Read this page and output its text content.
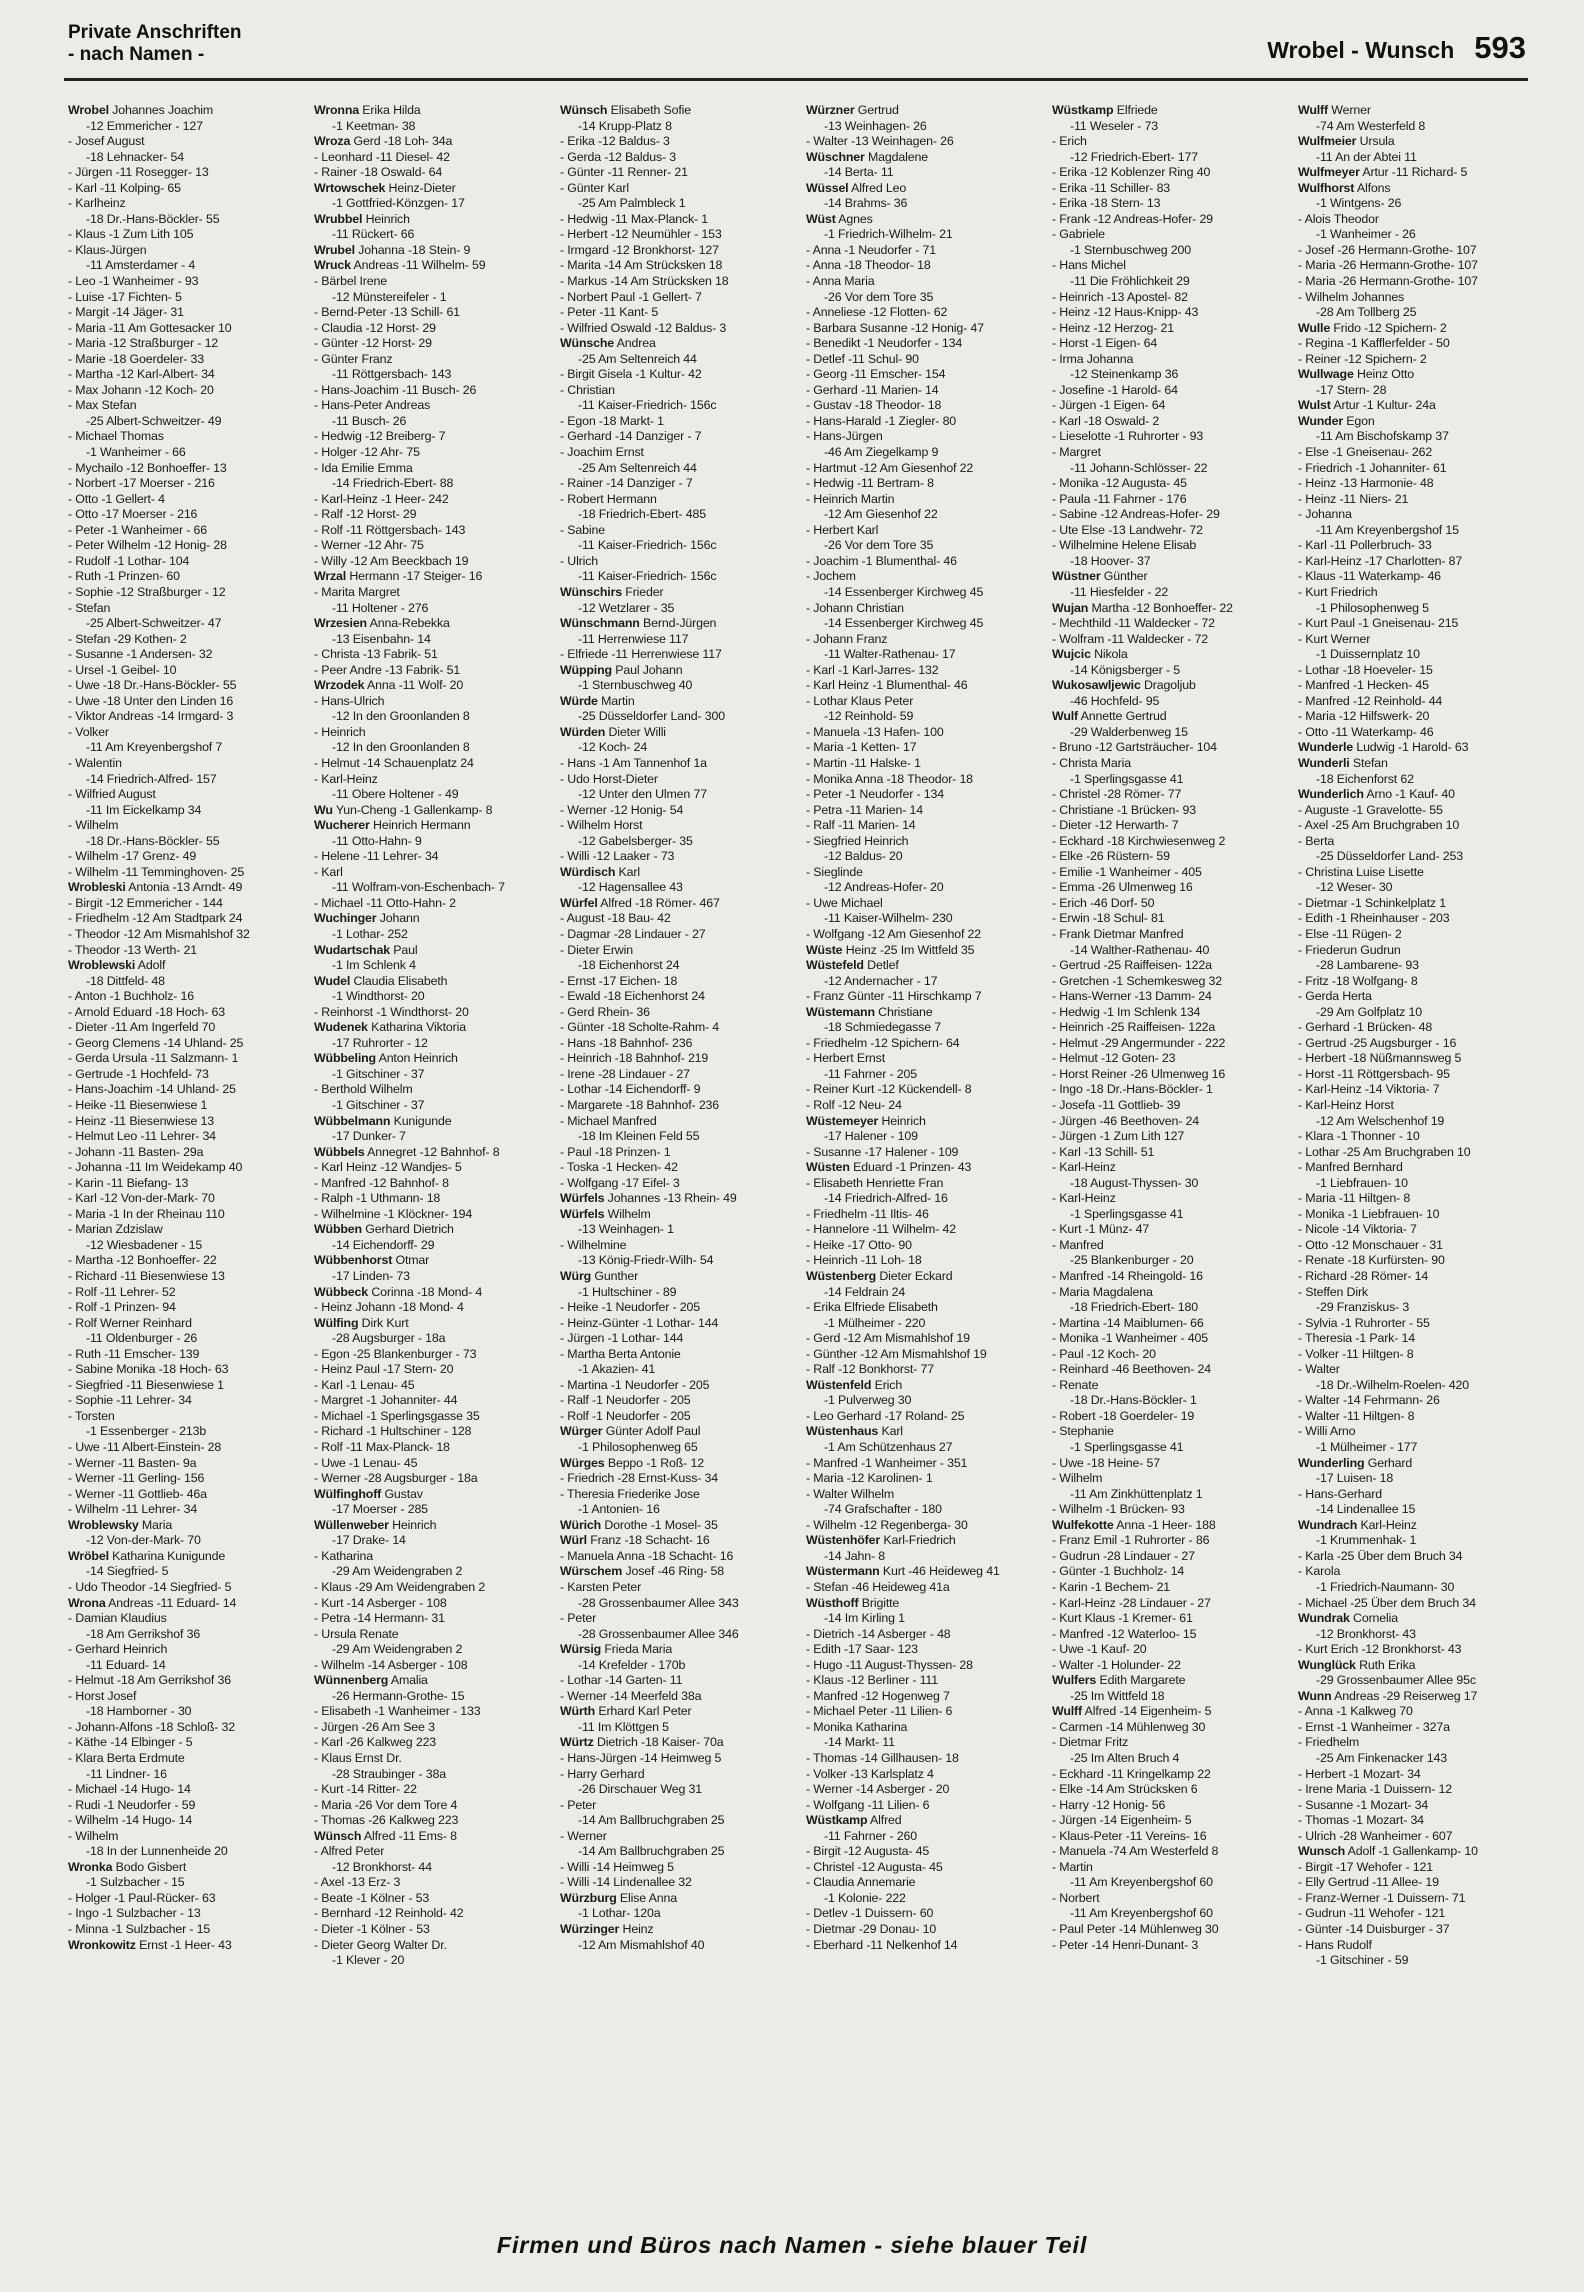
Private Anschriften
- nach Namen -	Wrobel - Wunsch 593
Wrobel Johannes Joachim
-12 Emmericher - 127
- Josef August
-18 Lehnacker- 54
- Jürgen -11 Rosegger- 13
- Karl -11 Kolping- 65
- Karlheinz
-18 Dr.-Hans-Böckler- 55
- Klaus -1 Zum Lith 105
- Klaus-Jürgen
-11 Amsterdamer - 4
- Leo -1 Wanheimer - 93
- Luise -17 Fichten- 5
- Margit -14 Jäger- 31
- Maria -11 Am Gottesacker 10
- Maria -12 Straßburger - 12
- Marie -18 Goerdeler- 33
- Martha -12 Karl-Albert- 34
- Max Johann -12 Koch- 20
- Max Stefan
-25 Albert-Schweitzer- 49
- Michael Thomas
-1 Wanheimer - 66
- Mychailo -12 Bonhoeffer- 13
- Norbert -17 Moerser - 216
- Otto -1 Gellert- 4
- Otto -17 Moerser - 216
- Peter -1 Wanheimer - 66
- Peter Wilhelm -12 Honig- 28
- Rudolf -1 Lothar- 104
- Ruth -1 Prinzen- 60
- Sophie -12 Straßburger - 12
- Stefan
-25 Albert-Schweitzer- 47
- Stefan -29 Kothen- 2
- Susanne -1 Andersen- 32
- Ursel -1 Geibel- 10
- Uwe -18 Dr.-Hans-Böckler- 55
- Uwe -18 Unter den Linden 16
- Viktor Andreas -14 Irmgard- 3
- Volker
-11 Am Kreyenbergshof 7
- Walentin
-14 Friedrich-Alfred- 157
- Wilfried August
-11 Im Eickelkamp 34
- Wilhelm
-18 Dr.-Hans-Böckler- 55
- Wilhelm -17 Grenz- 49
- Wilhelm -11 Temminghoven- 25
Wrobleski Antonia -13 Arndt- 49
- Birgit -12 Emmericher - 144
- Friedhelm -12 Am Stadtpark 24
- Theodor -12 Am Mismahlshof 32
- Theodor -13 Werth- 21
Wroblewski Adolf
-18 Dittfeld- 48
- Anton -1 Buchholz- 16
- Arnold Eduard -18 Hoch- 63
- Dieter -11 Am Ingerfeld 70
- Georg Clemens -14 Uhland- 25
- Gerda Ursula -11 Salzmann- 1
- Gertrude -1 Hochfeld- 73
- Hans-Joachim -14 Uhland- 25
- Heike -11 Biesenwiese 1
- Heinz -11 Biesenwiese 13
- Helmut Leo -11 Lehrer- 34
- Johann -11 Basten- 29a
- Johanna -11 Im Weidekamp 40
- Karin -11 Biefang- 13
- Karl -12 Von-der-Mark- 70
- Maria -1 In der Rheinau 110
- Marian Zdzislaw
-12 Wiesbadener - 15
- Martha -12 Bonhoeffer- 22
- Richard -11 Biesenwiese 13
- Rolf -11 Lehrer- 52
- Rolf -1 Prinzen- 94
- Rolf Werner Reinhard
-11 Oldenburger - 26
- Ruth -11 Emscher- 139
- Sabine Monika -18 Hoch- 63
- Siegfried -11 Biesenwiese 1
- Sophie -11 Lehrer- 34
- Torsten
-1 Essenberger - 213b
- Uwe -11 Albert-Einstein- 28
- Werner -11 Basten- 9a
- Werner -11 Gerling- 156
- Werner -11 Gottlieb- 46a
- Wilhelm -11 Lehrer- 34
Wroblewsky Maria
-12 Von-der-Mark- 70
Wröbel Katharina Kunigunde
-14 Siegfried- 5
- Udo Theodor -14 Siegfried- 5
Wrona Andreas -11 Eduard- 14
- Damian Klaudius
-18 Am Gerrikshof 36
- Gerhard Heinrich
-11 Eduard- 14
- Helmut -18 Am Gerrikshof 36
- Horst Josef
-18 Hamborner - 30
- Johann-Alfons -18 Schloß- 32
- Käthe -14 Elbinger - 5
- Klara Berta Erdmute
-11 Lindner- 16
- Michael -14 Hugo- 14
- Rudi -1 Neudorfer - 59
- Wilhelm -14 Hugo- 14
- Wilhelm
-18 In der Lunnenheide 20
Wronka Bodo Gisbert
-1 Sulzbacher - 15
- Holger -1 Paul-Rücker- 63
- Ingo -1 Sulzbacher - 13
- Minna -1 Sulzbacher - 15
Wronkowitz Ernst -1 Heer- 43
Wronna Erika Hilda
-1 Keetman- 38
Wroza Gerd -18 Loh- 34a
- Leonhard -11 Diesel- 42
- Rainer -18 Oswald- 64
Wrtowschek Heinz-Dieter
-1 Gottfried-Könzgen- 17
Wrubbel Heinrich
-11 Rückert- 66
Wrubel Johanna -18 Stein- 9
Wruck Andreas -11 Wilhelm- 59
- Bärbel Irene
-12 Münstereifeler - 1
- Bernd-Peter -13 Schill- 61
- Claudia -12 Horst- 29
- Günter -12 Horst- 29
- Günter Franz
-11 Röttgersbach- 143
- Hans-Joachim -11 Busch- 26
- Hans-Peter Andreas
-11 Busch- 26
- Hedwig -12 Breiberg- 7
- Holger -12 Ahr- 75
- Ida Emilie Emma
-14 Friedrich-Ebert- 88
- Karl-Heinz -1 Heer- 242
- Ralf -12 Horst- 29
- Rolf -11 Röttgersbach- 143
- Werner -12 Ahr- 75
- Willy -12 Am Beeckbach 19
Wrzal Hermann -17 Steiger- 16
- Marita Margret
-11 Holtener - 276
Wrzesien Anna-Rebekka
-13 Eisenbahn- 14
- Christa -13 Fabrik- 51
- Peer Andre -13 Fabrik- 51
Wrzodek Anna -11 Wolf- 20
- Hans-Ulrich
-12 In den Groonlanden 8
- Heinrich
-12 In den Groonlanden 8
- Helmut -14 Schauenplatz 24
- Karl-Heinz
-11 Obere Holtener - 49
Wu Yun-Cheng -1 Gallenkamp- 8
Wucherer Heinrich Hermann
-11 Otto-Hahn- 9
- Helene -11 Lehrer- 34
- Karl
-11 Wolfram-von-Eschenbach- 7
- Michael -11 Otto-Hahn- 2
Wuchinger Johann
-1 Lothar- 252
Wudartschak Paul
-1 Im Schlenk 4
Wudel Claudia Elisabeth
-1 Windthorst- 20
- Reinhorst -1 Windthorst- 20
Wudenek Katharina Viktoria
-17 Ruhrorter - 12
Wübbeling Anton Heinrich
-1 Gitschiner - 37
- Berthold Wilhelm
-1 Gitschiner - 37
Wübbelmann Kunigunde
-17 Dunker- 7
Wübbels Annegret -12 Bahnhof- 8
- Karl Heinz -12 Wandjes- 5
- Manfred -12 Bahnhof- 8
- Ralph -1 Uthmann- 18
- Wilhelmine -1 Klöckner- 194
Wübben Gerhard Dietrich
-14 Eichendorff- 29
Wübbenhorst Otmar
-17 Linden- 73
Wübbeck Corinna -18 Mond- 4
- Heinz Johann -18 Mond- 4
Wülfing Dirk Kurt
-28 Augsburger - 18a
- Egon -25 Blankenburger - 73
- Heinz Paul -17 Stern- 20
- Karl -1 Lenau- 45
- Margret -1 Johanniter- 44
- Michael -1 Sperlingsgasse 35
- Richard -1 Hultschiner - 128
- Rolf -11 Max-Planck- 18
- Uwe -1 Lenau- 45
- Werner -28 Augsburger - 18a
Wülfinghoff Gustav
-17 Moerser - 285
Wüllenweber Heinrich
-17 Drake- 14
- Katharina
-29 Am Weidengraben 2
- Klaus -29 Am Weidengraben 2
- Kurt -14 Asberger - 108
- Petra -14 Hermann- 31
- Ursula Renate
-29 Am Weidengraben 2
- Wilhelm -14 Asberger - 108
Wünnenberg Amalia
-26 Hermann-Grothe- 15
- Elisabeth -1 Wanheimer - 133
- Jürgen -26 Am See 3
- Karl -26 Kalkweg 223
- Klaus Ernst Dr.
-28 Straubinger - 38a
- Kurt -14 Ritter- 22
- Maria -26 Vor dem Tore 4
- Thomas -26 Kalkweg 223
Wünsch Alfred -11 Ems- 8
- Alfred Peter
-12 Bronkhorst- 44
- Axel -13 Erz- 3
- Beate -1 Kölner - 53
- Bernhard -12 Reinhold- 42
- Dieter -1 Kölner - 53
- Dieter Georg Walter Dr.
-1 Klever - 20
Wünsch Elisabeth Sofie
-14 Krupp-Platz 8
- Erika -12 Baldus- 3
- Gerda -12 Baldus- 3
- Günter -11 Renner- 21
- Günter Karl
-25 Am Palmbleck 1
- Hedwig -11 Max-Planck- 1
- Herbert -12 Neumühler - 153
- Irmgard -12 Bronkhorst- 127
- Marita -14 Am Strücksken 18
- Markus -14 Am Strücksken 18
- Norbert Paul -1 Gellert- 7
- Peter -11 Kant- 5
- Wilfried Oswald -12 Baldus- 3
Wünsche Andrea
-25 Am Seltenreich 44
- Birgit Gisela -1 Kultur- 42
- Christian
-11 Kaiser-Friedrich- 156c
- Egon -18 Markt- 1
- Gerhard -14 Danziger - 7
- Joachim Ernst
-25 Am Seltenreich 44
- Rainer -14 Danziger - 7
- Robert Hermann
-18 Friedrich-Ebert- 485
- Sabine
-11 Kaiser-Friedrich- 156c
- Ulrich
-11 Kaiser-Friedrich- 156c
Wünschirs Frieder
-12 Wetzlarer - 35
Wünschmann Bernd-Jürgen
-11 Herrenwiese 117
- Elfriede -11 Herrenwiese 117
Wüpping Paul Johann
-1 Sternbuschweg 40
Würde Martin
-25 Düsseldorfer Land- 300
Würden Dieter Willi
-12 Koch- 24
- Hans -1 Am Tannenhof 1a
- Udo Horst-Dieter
-12 Unter den Ulmen 77
- Werner -12 Honig- 54
- Wilhelm Horst
-12 Gabelsberger- 35
- Willi -12 Laaker - 73
Würdisch Karl
-12 Hagensallee 43
Würfel Alfred -18 Römer- 467
- August -18 Bau- 42
- Dagmar -28 Lindauer - 27
- Dieter Erwin
-18 Eichenhorst 24
- Ernst -17 Eichen- 18
- Ewald -18 Eichenhorst 24
- Gerd Rhein- 36
- Günter -18 Scholte-Rahm- 4
- Hans -18 Bahnhof- 236
- Heinrich -18 Bahnhof- 219
- Irene -28 Lindauer - 27
- Lothar -14 Eichendorff- 9
- Margarete -18 Bahnhof- 236
- Michael Manfred
-18 Im Kleinen Feld 55
- Paul -18 Prinzen- 1
- Toska -1 Hecken- 42
- Wolfgang -17 Eifel- 3
Würfels Johannes -13 Rhein- 49
Würfels Wilhelm
-13 Weinhagen- 1
- Wilhelmine
-13 König-Friedr-Wilh- 54
Würg Gunther
-1 Hultschiner - 89
- Heike -1 Neudorfer - 205
- Heinz-Günter -1 Lothar- 144
- Jürgen -1 Lothar- 144
- Martha Berta Antonie
-1 Akazien- 41
- Martina -1 Neudorfer - 205
- Ralf -1 Neudorfer - 205
- Rolf -1 Neudorfer - 205
Würger Günter Adolf Paul
-1 Philosophenweg 65
Würges Beppo -1 Roß- 12
- Friedrich -28 Ernst-Kuss- 34
- Theresia Friederike Jose
-1 Antonien- 16
Würich Dorothe -1 Mosel- 35
Würl Franz -18 Schacht- 16
- Manuela Anna -18 Schacht- 16
Würschem Josef -46 Ring- 58
- Karsten Peter
-28 Grossenbaumer Allee 343
- Peter
-28 Grossenbaumer Allee 346
Würsig Frieda Maria
-14 Krefelder - 170b
- Lothar -14 Garten- 11
- Werner -14 Meerfeld 38a
Würth Erhard Karl Peter
-11 Im Klöttgen 5
Würtz Dietrich -18 Kaiser- 70a
- Hans-Jürgen -14 Heimweg 5
- Harry Gerhard
-26 Dirschauer Weg 31
- Peter
-14 Am Ballbruchgraben 25
- Werner
-14 Am Ballbruchgraben 25
- Willi -14 Heimweg 5
- Willi -14 Lindenallee 32
Würzburg Elise Anna
-1 Lothar- 120a
Würzinger Heinz
-12 Am Mismahlshof 40
Würzner Gertrud
-13 Weinhagen- 26
- Walter -13 Weinhagen- 26
Wüschner Magdalene
-14 Berta- 11
Wüssel Alfred Leo
-14 Brahms- 36
Wüst Agnes
-1 Friedrich-Wilhelm- 21
- Anna -1 Neudorfer - 71
- Anna -18 Theodor- 18
- Anna Maria
-26 Vor dem Tore 35
- Anneliese -12 Flotten- 62
- Barbara Susanne -12 Honig- 47
- Benedikt -1 Neudorfer - 134
- Detlef -11 Schul- 90
- Georg -11 Emscher- 154
- Gerhard -11 Marien- 14
- Gustav -18 Theodor- 18
- Hans-Harald -1 Ziegler- 80
- Hans-Jürgen
-46 Am Ziegelkamp 9
- Hartmut -12 Am Giesenhof 22
- Hedwig -11 Bertram- 8
- Heinrich Martin
-12 Am Giesenhof 22
- Herbert Karl
-26 Vor dem Tore 35
- Joachim -1 Blumenthal- 46
- Jochem
-14 Essenberger Kirchweg 45
- Johann Christian
-14 Essenberger Kirchweg 45
- Johann Franz
-11 Walter-Rathenau- 17
- Karl -1 Karl-Jarres- 132
- Karl Heinz -1 Blumenthal- 46
- Lothar Klaus Peter
-12 Reinhold- 59
- Manuela -13 Hafen- 100
- Maria -1 Ketten- 17
- Martin -11 Halske- 1
- Monika Anna -18 Theodor- 18
- Peter -1 Neudorfer - 134
- Petra -11 Marien- 14
- Ralf -11 Marien- 14
- Siegfried Heinrich
-12 Baldus- 20
- Sieglinde
-12 Andreas-Hofer- 20
- Uwe Michael
-11 Kaiser-Wilhelm- 230
- Wolfgang -12 Am Giesenhof 22
Wüste Heinz -25 Im Wittfeld 35
Wüstefeld Detlef
-12 Andernacher - 17
- Franz Günter -11 Hirschkamp 7
Wüstemann Christiane
-18 Schmiedegasse 7
- Friedhelm -12 Spichern- 64
- Herbert Ernst
-11 Fahrner - 205
- Reiner Kurt -12 Kückendell- 8
- Rolf -12 Neu- 24
Wüstemeyer Heinrich
-17 Halener - 109
- Susanne -17 Halener - 109
Wüsten Eduard -1 Prinzen- 43
- Elisabeth Henriette Fran
-14 Friedrich-Alfred- 16
- Friedhelm -11 Iltis- 46
- Hannelore -11 Wilhelm- 42
- Heike -17 Otto- 90
- Heinrich -11 Loh- 18
Wüstenberg Dieter Eckard
-14 Feldrain 24
- Erika Elfriede Elisabeth
-1 Mülheimer - 220
- Gerd -12 Am Mismahlshof 19
- Günther -12 Am Mismahlshof 19
- Ralf -12 Bonkhorst- 77
Wüstenfeld Erich
-1 Pulverweg 30
- Leo Gerhard -17 Roland- 25
Wüstenhaus Karl
-1 Am Schützenhaus 27
- Manfred -1 Wanheimer - 351
- Maria -12 Karolinen- 1
- Walter Wilhelm
-74 Grafschafter - 180
- Wilhelm -12 Regenberga- 30
Wüstenhöfer Karl-Friedrich
-14 Jahn- 8
Wüstermann Kurt -46 Heideweg 41
- Stefan -46 Heideweg 41a
Wüsthoff Brigitte
-14 Im Kirling 1
- Dietrich -14 Asberger - 48
- Edith -17 Saar- 123
- Hugo -11 August-Thyssen- 28
- Klaus -12 Berliner - 111
- Manfred -12 Hogenweg 7
- Michael Peter -11 Lilien- 6
- Monika Katharina
-14 Markt- 11
- Thomas -14 Gillhausen- 18
- Volker -13 Karlsplatz 4
- Werner -14 Asberger - 20
- Wolfgang -11 Lilien- 6
Wüstkamp Alfred
-11 Fahrner - 260
- Birgit -12 Augusta- 45
- Christel -12 Augusta- 45
- Claudia Annemarie
-1 Kolonie- 222
- Detlev -1 Duissern- 60
- Dietmar -29 Donau- 10
- Eberhard -11 Nelkenhof 14
Wüstkamp Elfriede
-11 Weseler - 73
- Erich
-12 Friedrich-Ebert- 177
- Erika -12 Koblenzer Ring 40
- Erika -11 Schiller- 83
- Erika -18 Stern- 13
- Frank -12 Andreas-Hofer- 29
- Gabriele
-1 Sternbuschweg 200
- Hans Michel
-11 Die Fröhlichkeit 29
- Heinrich -13 Apostel- 82
- Heinz -12 Haus-Knipp- 43
- Heinz -12 Herzog- 21
- Horst -1 Eigen- 64
- Irma Johanna
-12 Steinenkamp 36
- Josefine -1 Harold- 64
- Jürgen -1 Eigen- 64
- Karl -18 Oswald- 2
- Lieselotte -1 Ruhrorter - 93
- Margret
-11 Johann-Schlösser- 22
- Monika -12 Augusta- 45
- Paula -11 Fahrner - 176
- Sabine -12 Andreas-Hofer- 29
- Ute Else -13 Landwehr- 72
- Wilhelmine Helene Elisab
-18 Hoover- 37
Wüstner Günther
-11 Hiesfelder - 22
Wujan Martha -12 Bonhoeffer- 22
- Mechthild -11 Waldecker - 72
- Wolfram -11 Waldecker - 72
Wujcic Nikola
-14 Königsberger - 5
Wukosawljewic Dragoljub
-46 Hochfeld- 95
Wulf Annette Gertrud
-29 Walderbenweg 15
- Bruno -12 Gartsträucher- 104
- Christa Maria
-1 Sperlingsgasse 41
- Christel -28 Römer- 77
- Christiane -1 Brücken- 93
- Dieter -12 Herwarth- 7
- Eckhard -18 Kirchwiesenweg 2
- Elke -26 Rüstern- 59
- Emilie -1 Wanheimer - 405
- Emma -26 Ulmenweg 16
- Erich -46 Dorf- 50
- Erwin -18 Schul- 81
- Frank Dietmar Manfred
-14 Walther-Rathenau- 40
- Gertrud -25 Raiffeisen- 122a
- Gretchen -1 Schemkesweg 32
- Hans-Werner -13 Damm- 24
- Hedwig -1 Im Schlenk 134
- Heinrich -25 Raiffeisen- 122a
- Helmut -29 Angermunder - 222
- Helmut -12 Goten- 23
- Horst Reiner -26 Ulmenweg 16
- Ingo -18 Dr.-Hans-Böckler- 1
- Josefa -11 Gottlieb- 39
- Jürgen -46 Beethoven- 24
- Jürgen -1 Zum Lith 127
- Karl -13 Schill- 51
- Karl-Heinz
-18 August-Thyssen- 30
- Karl-Heinz
-1 Sperlingsgasse 41
- Kurt -1 Münz- 47
- Manfred
-25 Blankenburger - 20
- Manfred -14 Rheingold- 16
- Maria Magdalena
-18 Friedrich-Ebert- 180
- Martina -14 Maiblumen- 66
- Monika -1 Wanheimer - 405
- Paul -12 Koch- 20
- Reinhard -46 Beethoven- 24
- Renate
-18 Dr.-Hans-Böckler- 1
- Robert -18 Goerdeler- 19
- Stephanie
-1 Sperlingsgasse 41
- Uwe -18 Heine- 57
- Wilhelm
-11 Am Zinkhüttenplatz 1
- Wilhelm -1 Brücken- 93
Wulfekotte Anna -1 Heer- 188
- Franz Emil -1 Ruhrorter - 86
- Gudrun -28 Lindauer - 27
- Günter -1 Buchholz- 14
- Karin -1 Bechem- 21
- Karl-Heinz -28 Lindauer - 27
- Kurt Klaus -1 Kremer- 61
- Manfred -12 Waterloo- 15
- Uwe -1 Kauf- 20
- Walter -1 Holunder- 22
Wulfers Edith Margarete
-25 Im Wittfeld 18
Wulff Alfred -14 Eigenheim- 5
- Carmen -14 Mühlenweg 30
- Dietmar Fritz
-25 Im Alten Bruch 4
- Eckhard -11 Kringelkamp 22
- Elke -14 Am Strücksken 6
- Harry -12 Honig- 56
- Jürgen -14 Eigenheim- 5
- Klaus-Peter -11 Vereins- 16
- Manuela -74 Am Westerfeld 8
- Martin
-11 Am Kreyenbergshof 60
- Norbert
-11 Am Kreyenbergshof 60
- Paul Peter -14 Mühlenweg 30
- Peter -14 Henri-Dunant- 3
Wulff Werner
-74 Am Westerfeld 8
Wulfmeier Ursula
-11 An der Abtei 11
Wulfmeyer Artur -11 Richard- 5
Wulfhorst Alfons
-1 Wintgens- 26
- Alois Theodor
-1 Wanheimer - 26
- Josef -26 Hermann-Grothe- 107
- Maria -26 Hermann-Grothe- 107
- Maria -26 Hermann-Grothe- 107
- Wilhelm Johannes
-28 Am Tollberg 25
Wulle Frido -12 Spichern- 2
- Regina -1 Kafflerfelder - 50
- Reiner -12 Spichern- 2
Wullwage Heinz Otto
-17 Stern- 28
Wulst Artur -1 Kultur- 24a
Wunder Egon
-11 Am Bischofskamp 37
- Else -1 Gneisenau- 262
- Friedrich -1 Johanniter- 61
- Heinz -13 Harmonie- 48
- Heinz -11 Niers- 21
- Johanna
-11 Am Kreyenbergshof 15
- Karl -11 Pollerbruch- 33
- Karl-Heinz -17 Charlotten- 87
- Klaus -11 Waterkamp- 46
- Kurt Friedrich
-1 Philosophenweg 5
- Kurt Paul -1 Gneisenau- 215
- Kurt Werner
-1 Duissernplatz 10
- Lothar -18 Hoeveler- 15
- Manfred -1 Hecken- 45
- Manfred -12 Reinhold- 44
- Maria -12 Hilfswerk- 20
- Otto -11 Waterkamp- 46
Wunderle Ludwig -1 Harold- 63
Wunderli Stefan
-18 Eichenforst 62
Wunderlich Arno -1 Kauf- 40
- Auguste -1 Gravelotte- 55
- Axel -25 Am Bruchgraben 10
- Berta
-25 Düsseldorfer Land- 253
- Christina Luise Lisette
-12 Weser- 30
- Dietmar -1 Schinkelplatz 1
- Edith -1 Rheinhauser - 203
- Else -11 Rügen- 2
- Friederun Gudrun
-28 Lambarene- 93
- Fritz -18 Wolfgang- 8
- Gerda Herta
-29 Am Golfplatz 10
- Gerhard -1 Brücken- 48
- Gertrud -25 Augsburger - 16
- Herbert -18 Nüßmannsweg 5
- Horst -11 Röttgersbach- 95
- Karl-Heinz -14 Viktoria- 7
- Karl-Heinz Horst
-12 Am Welschenhof 19
- Klara -1 Thonner - 10
- Lothar -25 Am Bruchgraben 10
- Manfred Bernhard
-1 Liebfrauen- 10
- Maria -11 Hiltgen- 8
- Monika -1 Liebfrauen- 10
- Nicole -14 Viktoria- 7
- Otto -12 Monschauer - 31
- Renate -18 Kurfürsten- 90
- Richard -28 Römer- 14
- Steffen Dirk
-29 Franziskus- 3
- Sylvia -1 Ruhrorter - 55
- Theresia -1 Park- 14
- Volker -11 Hiltgen- 8
- Walter
-18 Dr.-Wilhelm-Roelen- 420
- Walter -14 Fehrmann- 26
- Walter -11 Hiltgen- 8
- Willi Arno
-1 Mülheimer - 177
Wunderling Gerhard
-17 Luisen- 18
- Hans-Gerhard
-14 Lindenallee 15
Wundrach Karl-Heinz
-1 Krummenhak- 1
- Karla -25 Über dem Bruch 34
- Karola
-1 Friedrich-Naumann- 30
- Michael -25 Über dem Bruch 34
Wundrak Cornelia
-12 Bronkhorst- 43
- Kurt Erich -12 Bronkhorst- 43
Wunglück Ruth Erika
-29 Grossenbaumer Allee 95c
Wunn Andreas -29 Reiserweg 17
- Anna -1 Kalkweg 70
- Ernst -1 Wanheimer - 327a
- Friedhelm
-25 Am Finkenacker 143
- Herbert -1 Mozart- 34
- Irene Maria -1 Duissern- 12
- Susanne -1 Mozart- 34
- Thomas -1 Mozart- 34
- Ulrich -28 Wanheimer - 607
Wunsch Adolf -1 Gallenkamp- 10
- Birgit -17 Wehofer - 121
- Elly Gertrud -11 Allee- 19
- Franz-Werner -1 Duissern- 71
- Gudrun -11 Wehofer - 121
- Günter -14 Duisburger - 37
- Hans Rudolf
-1 Gitschiner - 59
Firmen und Büros nach Namen - siehe blauer Teil
